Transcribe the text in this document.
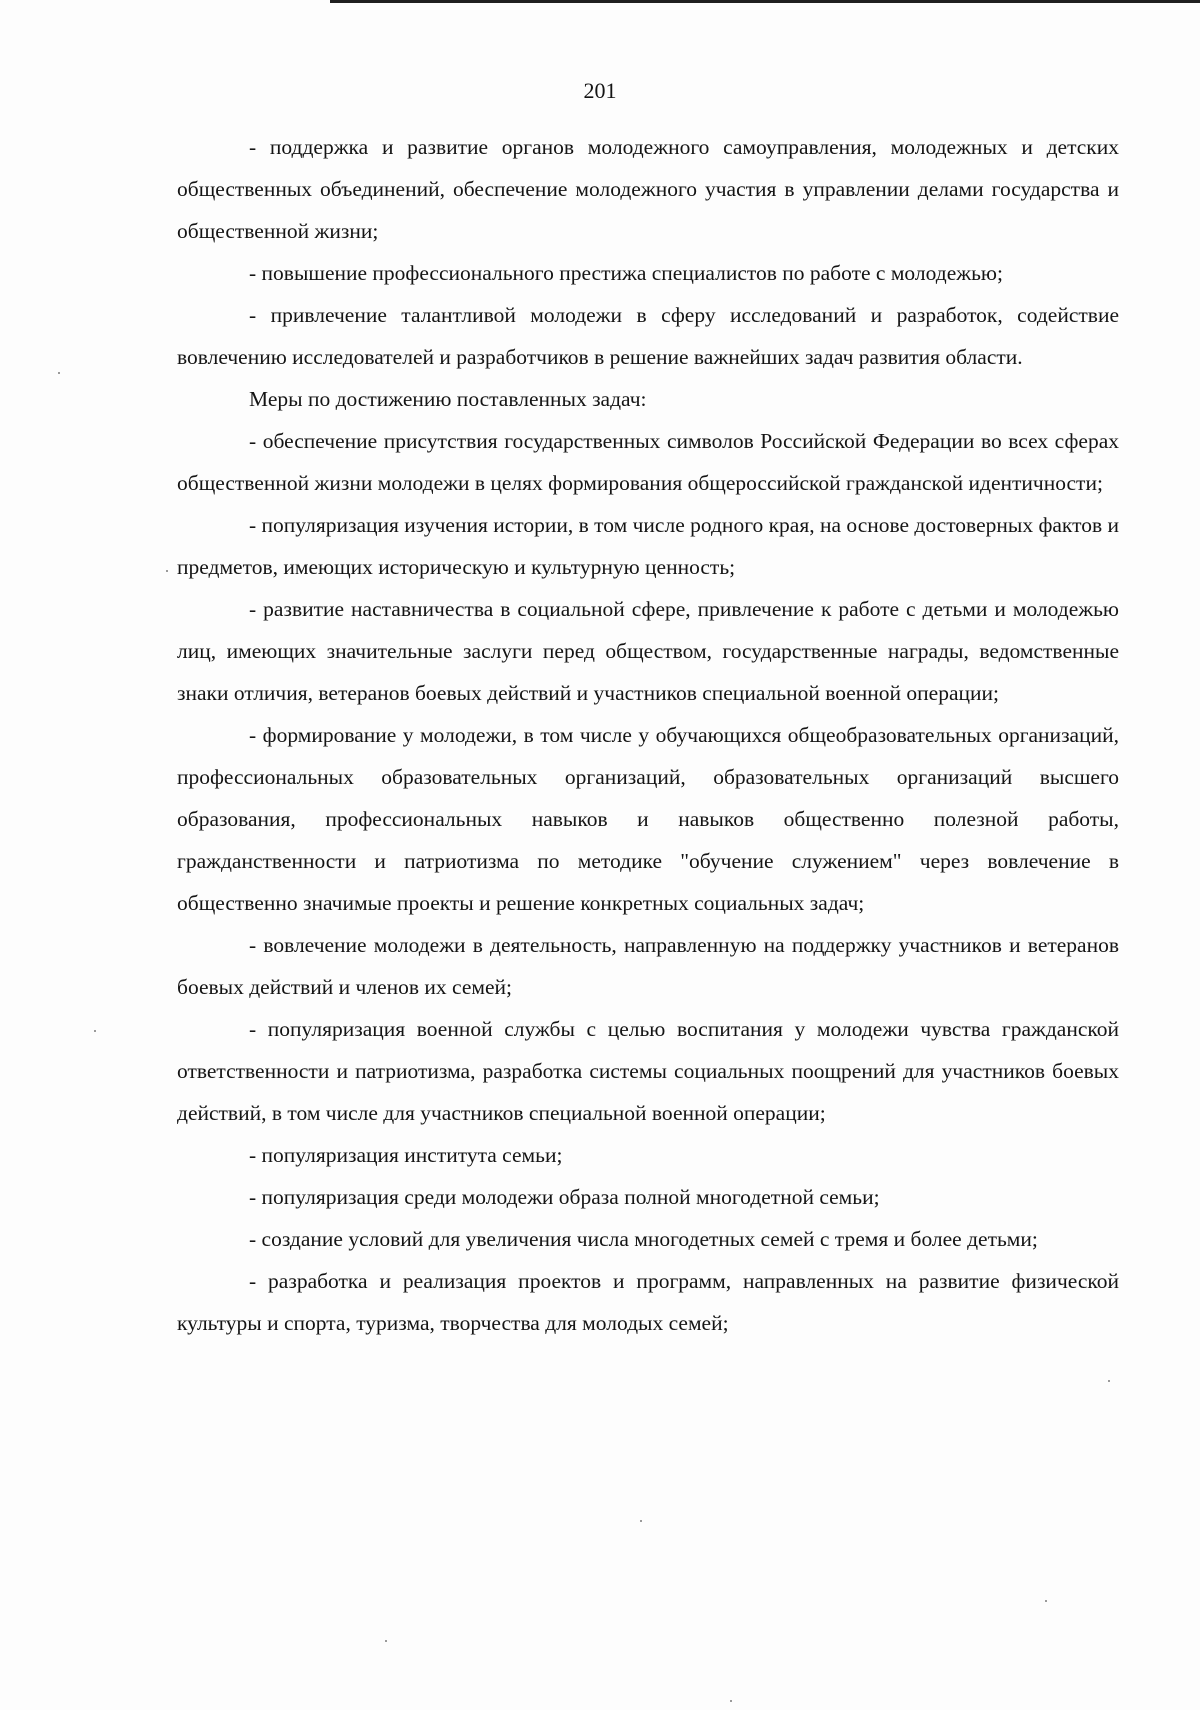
201

- поддержка и развитие органов молодежного самоуправления, молодежных и детских общественных объединений, обеспечение молодежного участия в управлении делами государства и общественной жизни;

- повышение профессионального престижа специалистов по работе с молодежью;

- привлечение талантливой молодежи в сферу исследований и разработок, содействие вовлечению исследователей и разработчиков в решение важнейших задач развития области.

Меры по достижению поставленных задач:

- обеспечение присутствия государственных символов Российской Федерации во всех сферах общественной жизни молодежи в целях формирования общероссийской гражданской идентичности;

- популяризация изучения истории, в том числе родного края, на основе достоверных фактов и предметов, имеющих историческую и культурную ценность;

- развитие наставничества в социальной сфере, привлечение к работе с детьми и молодежью лиц, имеющих значительные заслуги перед обществом, государственные награды, ведомственные знаки отличия, ветеранов боевых действий и участников специальной военной операции;

- формирование у молодежи, в том числе у обучающихся общеобразовательных организаций, профессиональных образовательных организаций, образовательных организаций высшего образования, профессиональных навыков и навыков общественно полезной работы, гражданственности и патриотизма по методике "обучение служением" через вовлечение в общественно значимые проекты и решение конкретных социальных задач;

- вовлечение молодежи в деятельность, направленную на поддержку участников и ветеранов боевых действий и членов их семей;

- популяризация военной службы с целью воспитания у молодежи чувства гражданской ответственности и патриотизма, разработка системы социальных поощрений для участников боевых действий, в том числе для участников специальной военной операции;

- популяризация института семьи;

- популяризация среди молодежи образа полной многодетной семьи;

- создание условий для увеличения числа многодетных семей с тремя и более детьми;

- разработка и реализация проектов и программ, направленных на развитие физической культуры и спорта, туризма, творчества для молодых семей;
